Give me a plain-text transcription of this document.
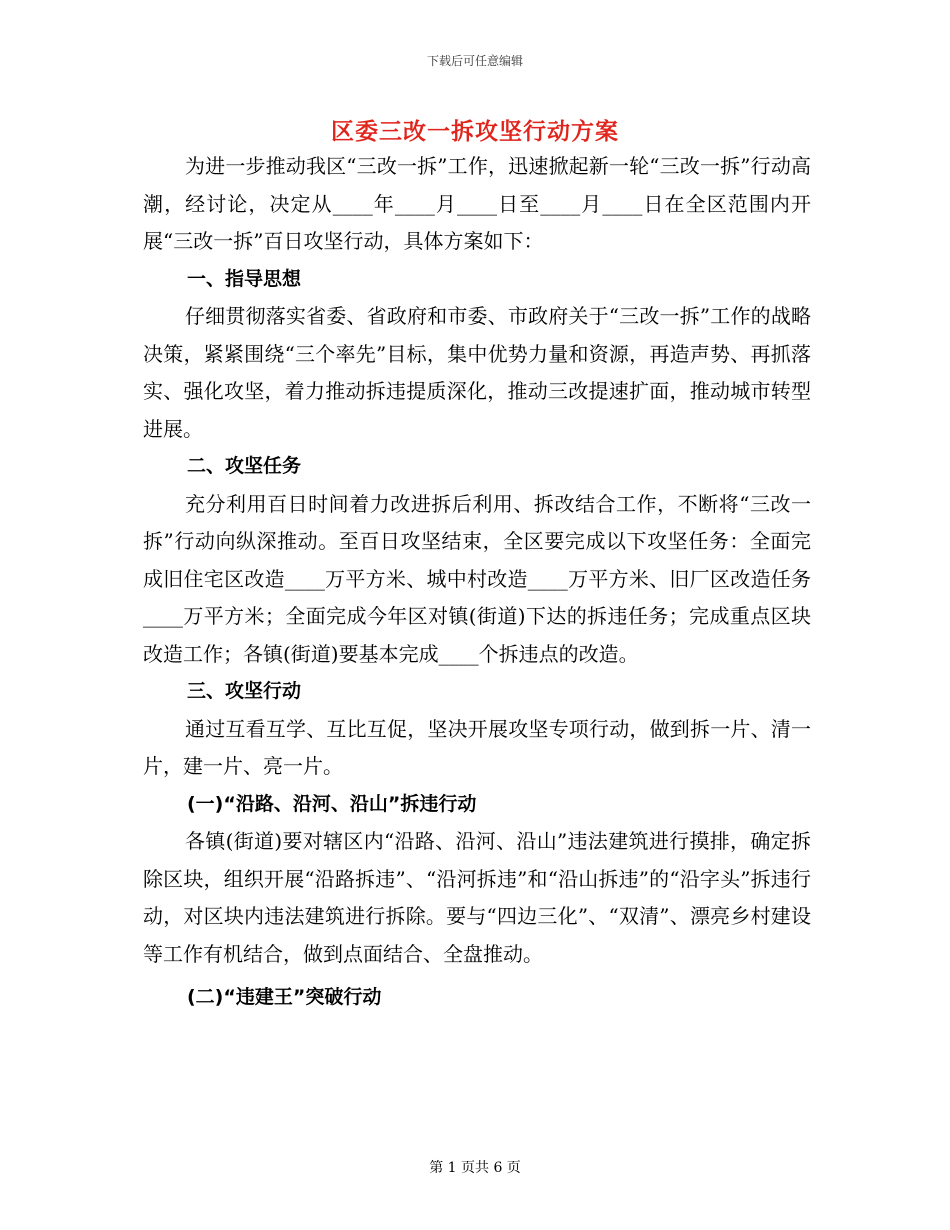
下载后可任意编辑
区委三改一拆攻坚行动方案

为进一步推动我区“三改一拆”工作，迅速掀起新一轮“三改一拆”行动高潮，经讨论，决定从____年____月____日至____月____日在全区范围内开展“三改一拆”百日攻坚行动，具体方案如下：

一、指导思想

仔细贯彻落实省委、省政府和市委、市政府关于“三改一拆”工作的战略决策，紧紧围绕“三个率先”目标，集中优势力量和资源，再造声势、再抓落实、强化攻坚，着力推动拆违提质深化，推动三改提速扩面，推动城市转型进展。

二、攻坚任务

充分利用百日时间着力改进拆后利用、拆改结合工作，不断将“三改一拆”行动向纵深推动。至百日攻坚结束，全区要完成以下攻坚任务：全面完成旧住宅区改造____万平方米、城中村改造____万平方米、旧厂区改造任务____万平方米；全面完成今年区对镇(街道)下达的拆违任务；完成重点区块改造工作；各镇(街道)要基本完成____个拆违点的改造。

三、攻坚行动

通过互看互学、互比互促，坚决开展攻坚专项行动，做到拆一片、清一片，建一片、亮一片。

(一)“沿路、沿河、沿山”拆违行动

各镇(街道)要对辖区内“沿路、沿河、沿山”违法建筑进行摸排，确定拆除区块，组织开展“沿路拆违”、“沿河拆违”和“沿山拆违”的“沿字头”拆违行动，对区块内违法建筑进行拆除。要与“四边三化”、“双清”、漂亮乡村建设等工作有机结合，做到点面结合、全盘推动。

(二)“违建王”突破行动

第 1 页共 6 页
